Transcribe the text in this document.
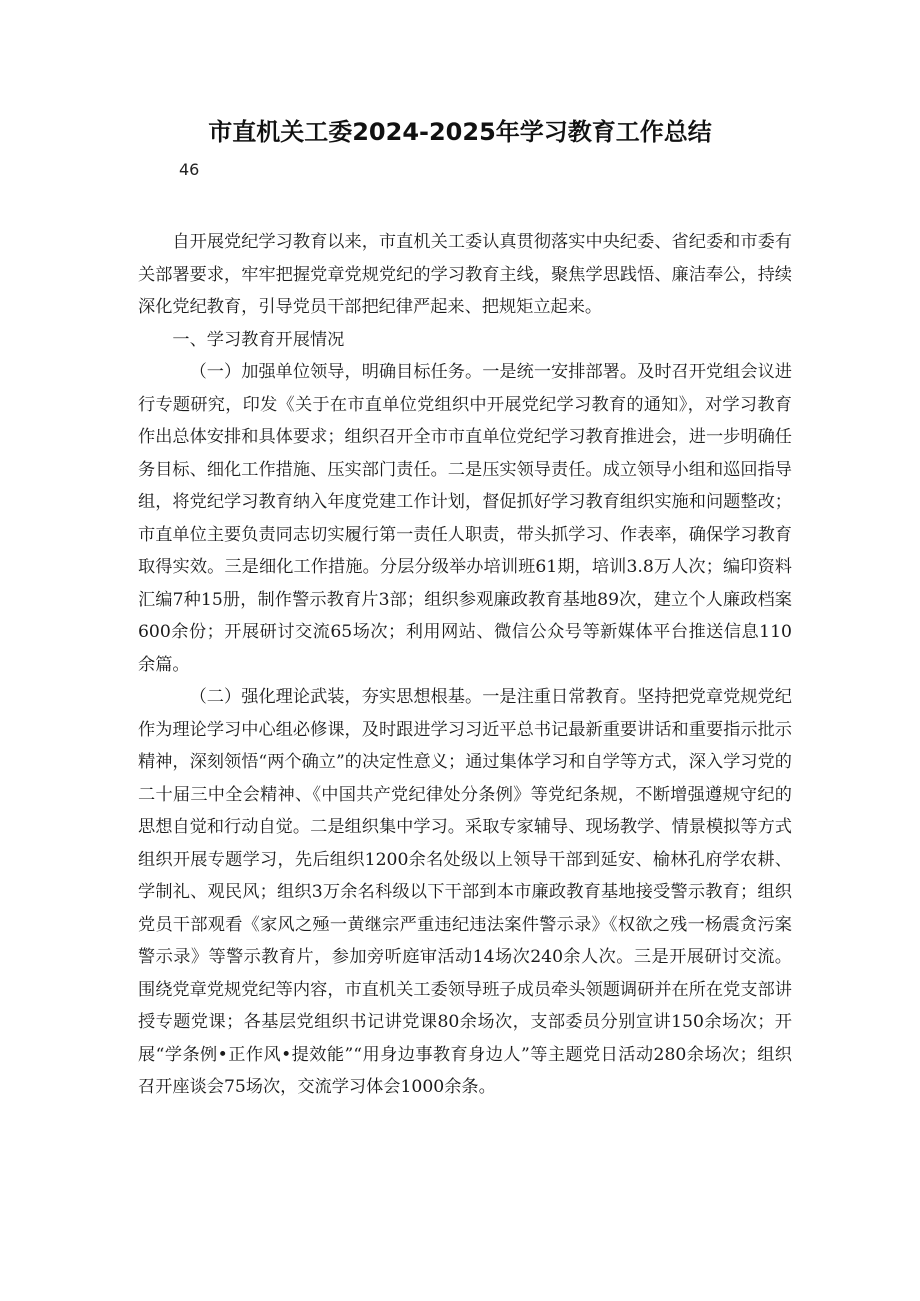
市直机关工委2024-2025年学习教育工作总结
46

自开展党纪学习教育以来，市直机关工委认真贯彻落实中央纪委、省纪委和市委有关部署要求，牢牢把握党章党规党纪的学习教育主线，聚焦学思践悟、廉洁奉公，持续深化党纪教育，引导党员干部把纪律严起来、把规矩立起来。

一、学习教育开展情况

（一）加强单位领导，明确目标任务。一是统一安排部署。及时召开党组会议进行专题研究，印发《关于在市直单位党组织中开展党纪学习教育的通知》，对学习教育作出总体安排和具体要求；组织召开全市市直单位党纪学习教育推进会，进一步明确任务目标、细化工作措施、压实部门责任。二是压实领导责任。成立领导小组和巡回指导组，将党纪学习教育纳入年度党建工作计划，督促抓好学习教育组织实施和问题整改；市直单位主要负责同志切实履行第一责任人职责，带头抓学习、作表率，确保学习教育取得实效。三是细化工作措施。分层分级举办培训班61期，培训3.8万人次；编印资料汇编7种15册，制作警示教育片3部；组织参观廉政教育基地89次，建立个人廉政档案600余份；开展研讨交流65场次；利用网站、微信公众号等新媒体平台推送信息110余篇。

（二）强化理论武装，夯实思想根基。一是注重日常教育。坚持把党章党规党纪作为理论学习中心组必修课，及时跟进学习习近平总书记最新重要讲话和重要指示批示精神，深刻领悟“两个确立”的决定性意义；通过集体学习和自学等方式，深入学习党的二十届三中全会精神、《中国共产党纪律处分条例》等党纪条规，不断增强遵规守纪的思想自觉和行动自觉。二是组织集中学习。采取专家辅导、现场教学、情景模拟等方式组织开展专题学习，先后组织1200余名处级以上领导干部到延安、榆林孔府学农耕、学制礼、观民风；组织3万余名科级以下干部到本市廉政教育基地接受警示教育；组织党员干部观看《家风之殛一黄继宗严重违纪违法案件警示录》《权欲之残一杨震贪污案警示录》等警示教育片，参加旁听庭审活动14场次240余人次。三是开展研讨交流。围绕党章党规党纪等内容，市直机关工委领导班子成员牵头领题调研并在所在党支部讲授专题党课；各基层党组织书记讲党课80余场次，支部委员分别宣讲150余场次；开展“学条例•正作风•提效能”“用身边事教育身边人”等主题党日活动280余场次；组织召开座谈会75场次，交流学习体会1000余条。
